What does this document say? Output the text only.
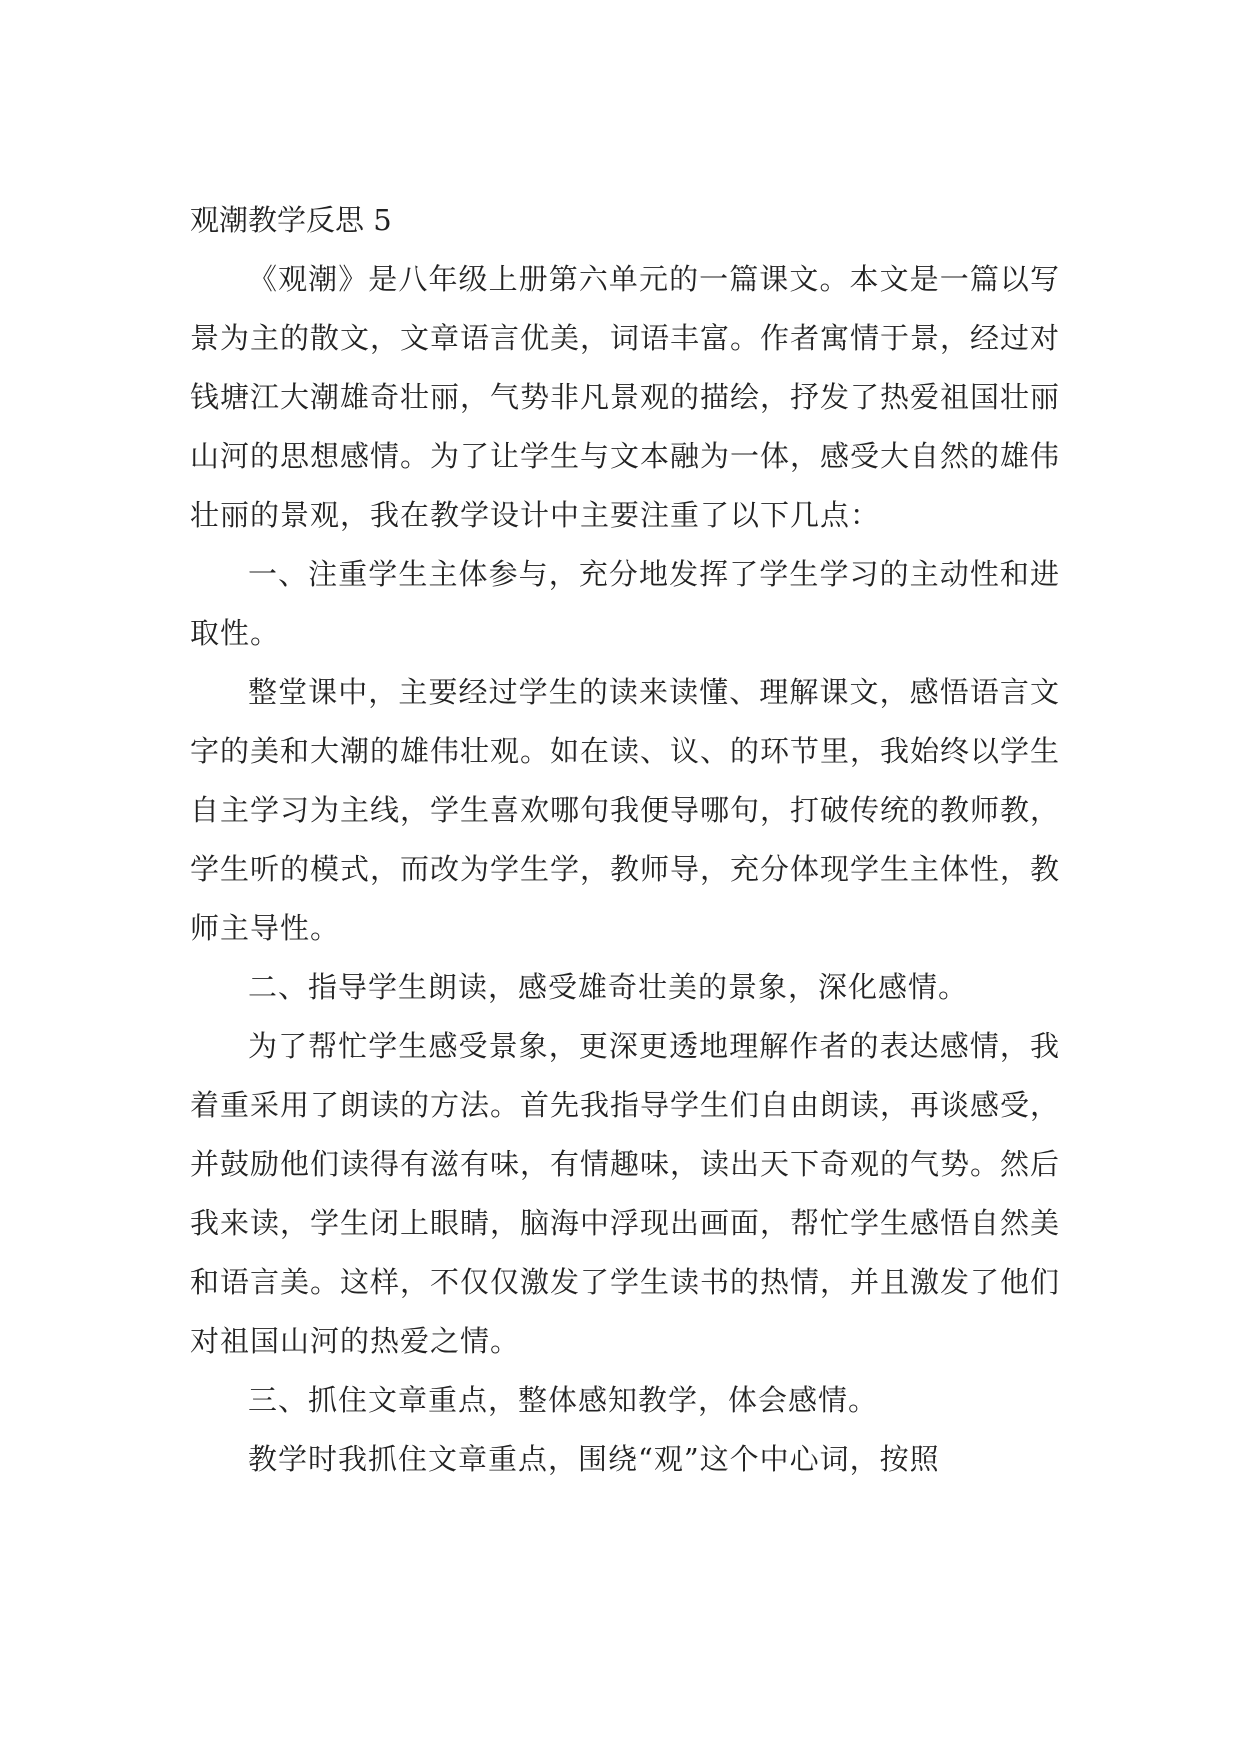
观潮教学反思 5

《观潮》是八年级上册第六单元的一篇课文。本文是一篇以写景为主的散文，文章语言优美，词语丰富。作者寓情于景，经过对钱塘江大潮雄奇壮丽，气势非凡景观的描绘，抒发了热爱祖国壮丽山河的思想感情。为了让学生与文本融为一体，感受大自然的雄伟壮丽的景观，我在教学设计中主要注重了以下几点：

一、注重学生主体参与，充分地发挥了学生学习的主动性和进取性。

整堂课中，主要经过学生的读来读懂、理解课文，感悟语言文字的美和大潮的雄伟壮观。如在读、议、的环节里，我始终以学生自主学习为主线，学生喜欢哪句我便导哪句，打破传统的教师教，学生听的模式，而改为学生学，教师导，充分体现学生主体性，教师主导性。

二、指导学生朗读，感受雄奇壮美的景象，深化感情。

为了帮忙学生感受景象，更深更透地理解作者的表达感情，我着重采用了朗读的方法。首先我指导学生们自由朗读，再谈感受，并鼓励他们读得有滋有味，有情趣味，读出天下奇观的气势。然后我来读，学生闭上眼睛，脑海中浮现出画面，帮忙学生感悟自然美和语言美。这样，不仅仅激发了学生读书的热情，并且激发了他们对祖国山河的热爱之情。

三、抓住文章重点，整体感知教学，体会感情。

教学时我抓住文章重点，围绕“观”这个中心词，按照
